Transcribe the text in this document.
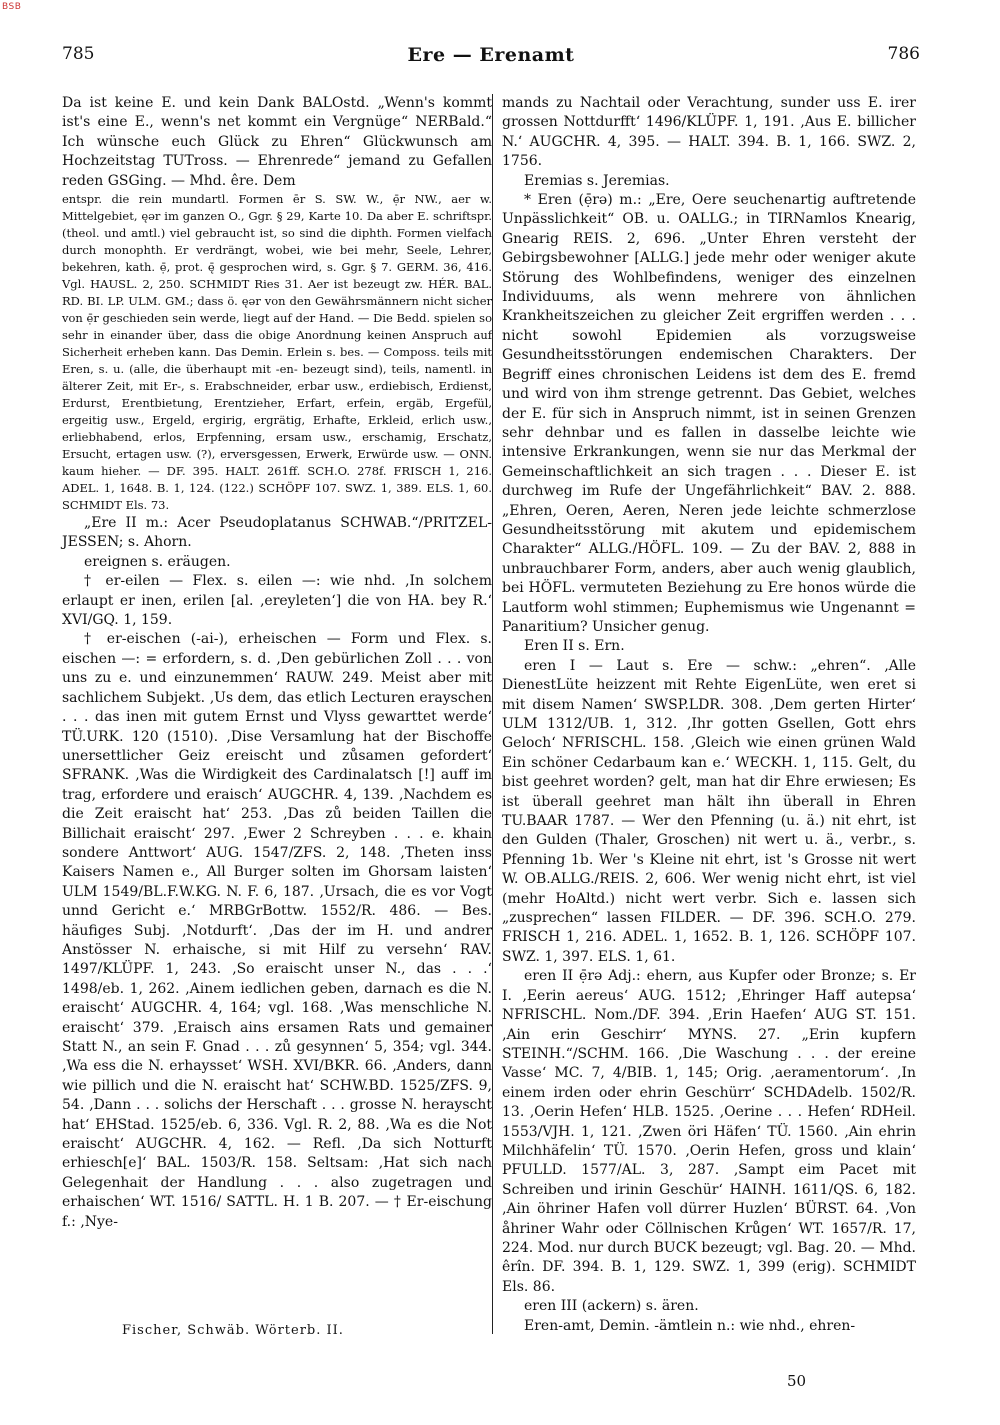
BSB
785	Ere — Erenamt	786

Da ist keine E. und kein Dank BALOstd. „Wenn's kommt ist's eine E., wenn's net kommt ein Vergnüge“ NERBald.“ Ich wünsche euch Glück zu Ehren“ Glückwunsch am Hochzeitstag TUTross. — Ehrenrede“ jemand zu Gefallen reden GSGing. — Mhd. êre. Dem

entspr. die rein mundartl. Formen ēr S. SW. W., ẹ̄r NW., aer w. Mittelgebiet, ęər im ganzen O., Ggr. § 29, Karte 10. Da aber E. schriftspr. (theol. und amtl.) viel gebraucht ist, so sind die diphth. Formen vielfach durch monophth. Er verdrängt, wobei, wie bei mehr, Seele, Lehrer, bekehren, kath. ẹ̄, prot. ę̄ gesprochen wird, s. Ggr. § 7. GERM. 36, 416. Vgl. HAUSL. 2, 250. SCHMIDT Ries 31. Aer ist bezeugt zw. HÉR. BAL. RD. BI. LP. ULM. GM.; dass ö. ęər von den Gewährsmännern nicht sicher von ẹ̄r geschieden sein werde, liegt auf der Hand. — Die Bedd. spielen so sehr in einander über, dass die obige Anordnung keinen Anspruch auf Sicherheit erheben kann. Das Demin. Erlein s. bes. — Composs. teils mit Eren, s. u. (alle, die überhaupt mit -en- bezeugt sind), teils, namentl. in älterer Zeit, mit Er-, s. Erabschneider, erbar usw., erdiebisch, Erdienst, Erdurst, Erentbietung, Erentzieher, Erfart, erfein, ergäb, Ergefül, ergeitig usw., Ergeld, ergirig, ergrätig, Erhafte, Erkleid, erlich usw., erliebhabend, erlos, Erpfenning, ersam usw., erschamig, Erschatz, Ersucht, ertagen usw. (?), erversgessen, Erwerk, Erwürde usw. — ONN. kaum hieher. — DF. 395. HALT. 261ff. SCH.O. 278f. FRISCH 1, 216. ADEL. 1, 1648. B. 1, 124. (122.) SCHÖPF 107. SWZ. 1, 389. ELS. 1, 60. SCHMIDT Els. 73.

„Ere II m.: Acer Pseudoplatanus SCHWAB.“/PRITZEL-JESSEN; s. Ahorn.

ereignen s. eräugen.

† er-eilen — Flex. s. eilen —: wie nhd. ‚In solchem erlaupt er inen, erilen [al. ‚ereyleten‘] die von HA. bey R.‘ XVI/GQ. 1, 159.

† er-eischen (-ai-), erheischen — Form und Flex. s. eischen —: = erfordern, s. d. ‚Den gebürlichen Zoll . . . von uns zu e. und einzunemmen‘ RAUW. 249. Meist aber mit sachlichem Subjekt. ‚Us dem, das etlich Lecturen erayschen . . . das inen mit gutem Ernst und Vlyss gewarttet werde‘ TÜ.URK. 120 (1510). ‚Dise Versamlung hat der Bischoffe unersettlicher Geiz ereischt und zůsamen gefordert‘ SFRANK. ‚Was die Wirdigkeit des Cardinalatsch [!] auff im trag, erfordere und eraisch‘ AUGCHR. 4, 139. ‚Nachdem es die Zeit eraischt hat‘ 253. ‚Das zů beiden Taillen die Billichait eraischt‘ 297. ‚Ewer 2 Schreyben . . . e. khain sondere Anttwort‘ AUG. 1547/ZFS. 2, 148. ‚Theten inss Kaisers Namen e., All Burger solten im Ghorsam laisten‘ ULM 1549/BL.F.W.KG. N. F. 6, 187. ‚Ursach, die es vor Vogt unnd Gericht e.‘ MRBGrBottw. 1552/R. 486. — Bes. häufiges Subj. ‚Notdurft‘. ‚Das der im H. und andrer Anstösser N. erhaische, si mit Hilf zu versehn‘ RAV. 1497/KLÜPF. 1, 243. ‚So eraischt unser N., das . . .‘ 1498/eb. 1, 262. ‚Ainem iedlichen geben, darnach es die N. eraischt‘ AUGCHR. 4, 164; vgl. 168. ‚Was menschliche N. eraischt‘ 379. ‚Eraisch ains ersamen Rats und gemainer Statt N., an sein F. Gnad . . . zů gesynnen‘ 5, 354; vgl. 344. ‚Wa ess die N. erhaysset‘ WSH. XVI/BKR. 66. ‚Anders, dann wie pillich und die N. eraischt hat‘ SCHW.BD. 1525/ZFS. 9, 54. ‚Dann . . . solichs der Herschaft . . . grosse N. herayscht hat‘ EHStad. 1525/eb. 6, 336. Vgl. R. 2, 88. ‚Wa es die Not eraischt‘ AUGCHR. 4, 162. — Refl. ‚Da sich Notturft erhiesch[e]‘ BAL. 1503/R. 158. Seltsam: ‚Hat sich nach Gelegenhait der Handlung . . . also zugetragen und erhaischen‘ WT. 1516/ SATTL. H. 1 B. 207. — † Er-eischung f.: ‚Nye-

mands zu Nachtail oder Verachtung, sunder uss E. irer grossen Nottdurfft‘ 1496/KLÜPF. 1, 191. ‚Aus E. billicher N.‘ AUGCHR. 4, 395. — HALT. 394. B. 1, 166. SWZ. 2, 1756.

Eremias s. Jeremias.

* Eren (ẹ̄rə) m.: „Ere, Oere seuchenartig auftretende Unpässlichkeit“ OB. u. OALLG.; in TIRNamlos Knearig, Gnearig REIS. 2, 696. „Unter Ehren versteht der Gebirgsbewohner [ALLG.] jede mehr oder weniger akute Störung des Wohlbefindens, weniger des einzelnen Individuums, als wenn mehrere von ähnlichen Krankheitszeichen zu gleicher Zeit ergriffen werden . . . nicht sowohl Epidemien als vorzugsweise Gesundheitsstörungen endemischen Charakters. Der Begriff eines chronischen Leidens ist dem des E. fremd und wird von ihm strenge getrennt. Das Gebiet, welches der E. für sich in Anspruch nimmt, ist in seinen Grenzen sehr dehnbar und es fallen in dasselbe leichte wie intensive Erkrankungen, wenn sie nur das Merkmal der Gemeinschaftlichkeit an sich tragen . . . Dieser E. ist durchweg im Rufe der Ungefährlichkeit“ BAV. 2. 888. „Ehren, Oeren, Aeren, Neren jede leichte schmerzlose Gesundheitsstörung mit akutem und epidemischem Charakter“ ALLG./HÖFL. 109. — Zu der BAV. 2, 888 in unbrauchbarer Form, anders, aber auch wenig glaublich, bei HÖFL. vermuteten Beziehung zu Ere honos würde die Lautform wohl stimmen; Euphemismus wie Ungenannt = Panaritium? Unsicher genug.

Eren II s. Ern.

eren I — Laut s. Ere — schw.: „ehren“. ‚Alle DienestLüte heizzent mit Rehte EigenLüte, wen eret si mit disem Namen‘ SWSP.LDR. 308. ‚Dem gerten Hirter‘ ULM 1312/UB. 1, 312. ‚Ihr gotten Gsellen, Gott ehrs Geloch‘ NFRISCHL. 158. ‚Gleich wie einen grünen Wald Ein schöner Cedarbaum kan e.‘ WECKH. 1, 115. Gelt, du bist geehret worden? gelt, man hat dir Ehre erwiesen; Es ist überall geehret man hält ihn überall in Ehren TU.BAAR 1787. — Wer den Pfenning (u. ä.) nit ehrt, ist den Gulden (Thaler, Groschen) nit wert u. ä., verbr., s. Pfenning 1b. Wer 's Kleine nit ehrt, ist 's Grosse nit wert W. OB.ALLG./REIS. 2, 606. Wer wenig nicht ehrt, ist viel (mehr HoAltd.) nicht wert verbr. Sich e. lassen sich „zusprechen“ lassen FILDER. — DF. 396. SCH.O. 279. FRISCH 1, 216. ADEL. 1, 1652. B. 1, 126. SCHÖPF 107. SWZ. 1, 397. ELS. 1, 61.

eren II ẹ̄rə Adj.: ehern, aus Kupfer oder Bronze; s. Er I. ‚Eerin aereus‘ AUG. 1512; ‚Ehringer Haff autepsa‘ NFRISCHL. Nom./DF. 394. ‚Erin Haefen‘ AUG ST. 151. ‚Ain erin Geschirr‘ MYNS. 27. „Erin kupfern STEINH.“/SCHM. 166. ‚Die Waschung . . . der ereine Vasse‘ MC. 7, 4/BIB. 1, 145; Orig. ‚aeramentorum‘. ‚In einem irden oder ehrin Geschürr‘ SCHDAdelb. 1502/R. 13. ‚Oerin Hefen‘ HLB. 1525. ‚Oerine . . . Hefen‘ RDHeil. 1553/VJH. 1, 121. ‚Zwen öri Häfen‘ TÜ. 1560. ‚Ain ehrin Milchhäfelin‘ TÜ. 1570. ‚Oerin Hefen, gross und klain‘ PFULLD. 1577/AL. 3, 287. ‚Sampt eim Pacet mit Schreiben und irinin Geschür‘ HAINH. 1611/QS. 6, 182. ‚Ain öhriner Hafen voll dürrer Huzlen‘ BÜRST. 64. ‚Von åhriner Wahr oder Cöllnischen Krůgen‘ WT. 1657/R. 17, 224. Mod. nur durch BUCK bezeugt; vgl. Bag. 20. — Mhd. êrîn. DF. 394. B. 1, 129. SWZ. 1, 399 (erig). SCHMIDT Els. 86.

eren III (ackern) s. ären.

Eren-amt, Demin. -ämtlein n.: wie nhd., ehren-

Fischer, Schwäb. Wörterb. II.
50
